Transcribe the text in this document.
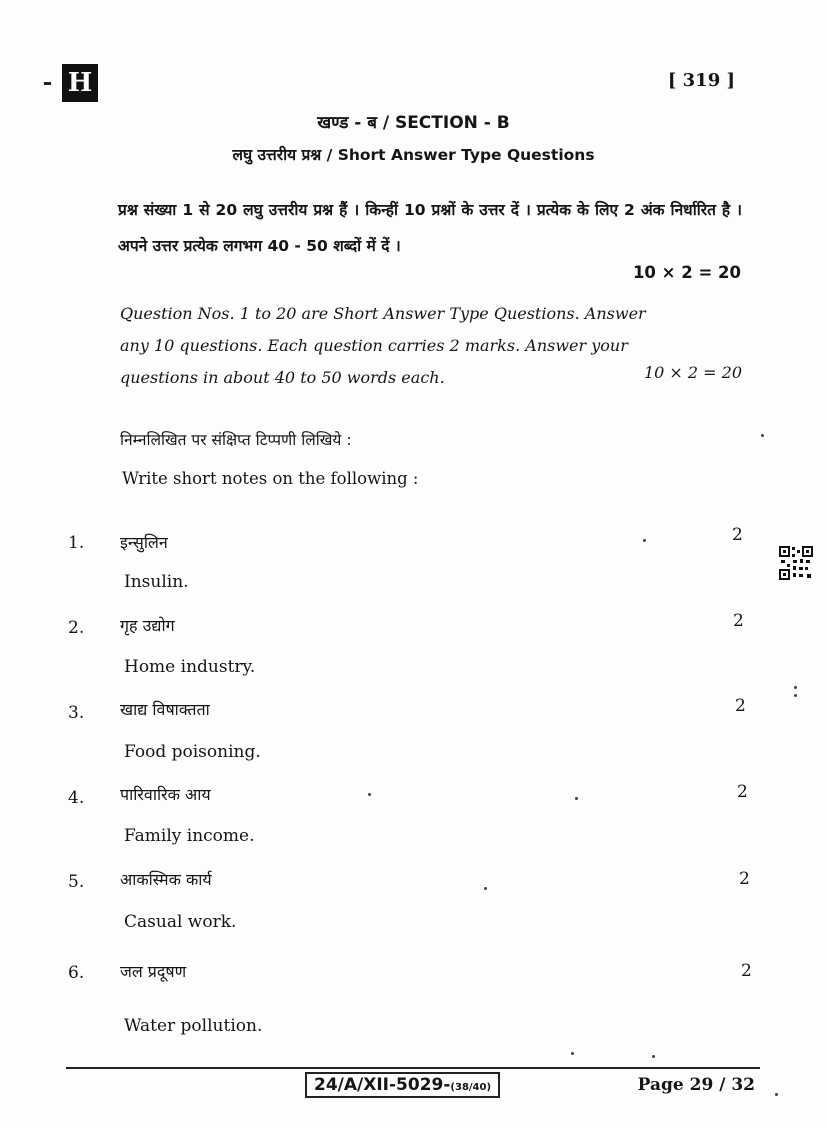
H	[ 319 ]
खण्ड - ब / SECTION - B
लघु उत्तरीय प्रश्न / Short Answer Type Questions
प्रश्न संख्या 1 से 20 लघु उत्तरीय प्रश्न हैं । किन्हीं 10 प्रश्नों के उत्तर दें । प्रत्येक के लिए 2 अंक निर्धारित है । अपने उत्तर प्रत्येक लगभग 40 - 50 शब्दों में दें ।
10 × 2 = 20
Question Nos. 1 to 20 are Short Answer Type Questions. Answer
any 10 questions. Each question carries 2 marks. Answer your
questions in about 40 to 50 words each.	10 × 2 = 20
निम्नलिखित पर संक्षिप्त टिप्पणी लिखिये :
Write short notes on the following :
1. इन्सुलिन	2
Insulin.
2. गृह उद्योग	2
Home industry.
3. खाद्य विषाक्तता	2
Food poisoning.
4. पारिवारिक आय	2
Family income.
5. आकस्मिक कार्य	2
Casual work.
6. जल प्रदूषण	2
Water pollution.
24/A/XII-5029-(38/40)	Page 29 / 32
